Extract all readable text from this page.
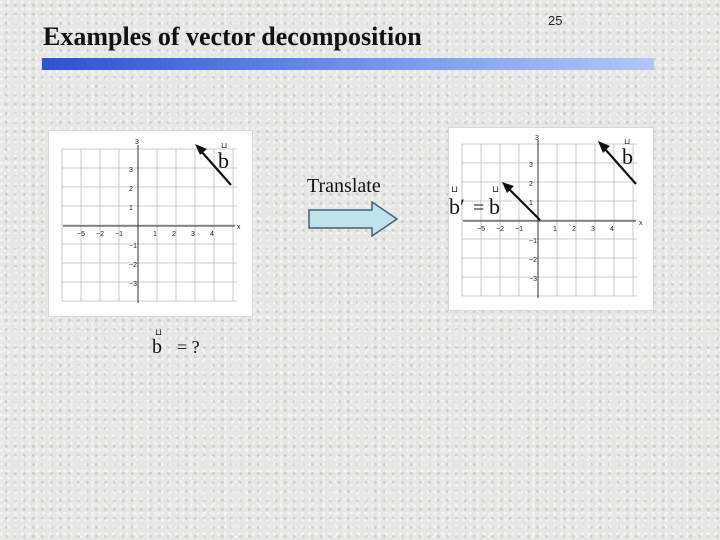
25
Examples of vector decomposition
x
3
−5 −2 −1	1 2 3 4
3
2
1
−1
−2
−3
b
⊔
⊔
b = ?
Translate
x
3
−5 −2 −1	1 2 3 4
3
2
1
−1
−2
−3
b
⊔
⊔	⊔
b′ = b
